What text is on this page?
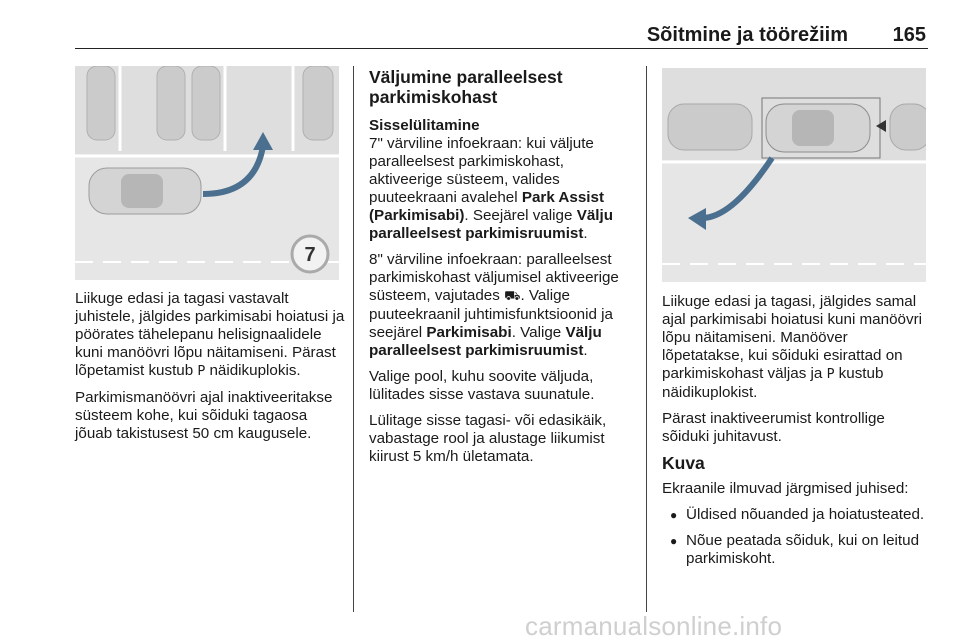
Sõitmine ja töörežiim 165
7

Liikuge edasi ja tagasi vastavalt juhistele, jälgides parkimisabi hoiatusi ja pöörates tähelepanu helisignaalidele kuni manöövri lõpu näitamiseni. Pärast lõpetamist kustub P näidikuplokis.

Parkimismanöövri ajal inaktiveeritakse süsteem kohe, kui sõiduki tagaosa jõuab takistusest 50 cm kaugusele.

Väljumine paralleelsest parkimiskohast
Sisselülitamine

7" värviline infoekraan: kui väljute paralleelsest parkimiskohast, aktiveerige süsteem, valides puuteekraani avalehel Park Assist (Parkimisabi). Seejärel valige Välju paralleelsest parkimisruumist.

8" värviline infoekraan: paralleelsest parkimiskohast väljumisel aktiveerige süsteem, vajutades ⛟. Valige puuteekraanil juhtimisfunktsioonid ja seejärel Parkimisabi. Valige Välju paralleelsest parkimisruumist.

Valige pool, kuhu soovite väljuda, lülitades sisse vastava suunatule.

Lülitage sisse tagasi- või edasikäik, vabastage rool ja alustage liikumist kiirust 5 km/h ületamata.

Liikuge edasi ja tagasi, jälgides samal ajal parkimisabi hoiatusi kuni manöövri lõpu näitamiseni. Manööver lõpetatakse, kui sõiduki esirattad on parkimiskohast väljas ja P kustub näidikuplokist.

Pärast inaktiveerumist kontrollige sõiduki juhitavust.

Kuva

Ekraanile ilmuvad järgmised juhised:

● Üldised nõuanded ja hoiatusteated.
● Nõue peatada sõiduk, kui on leitud parkimiskoht.
carmanualsonline.info
